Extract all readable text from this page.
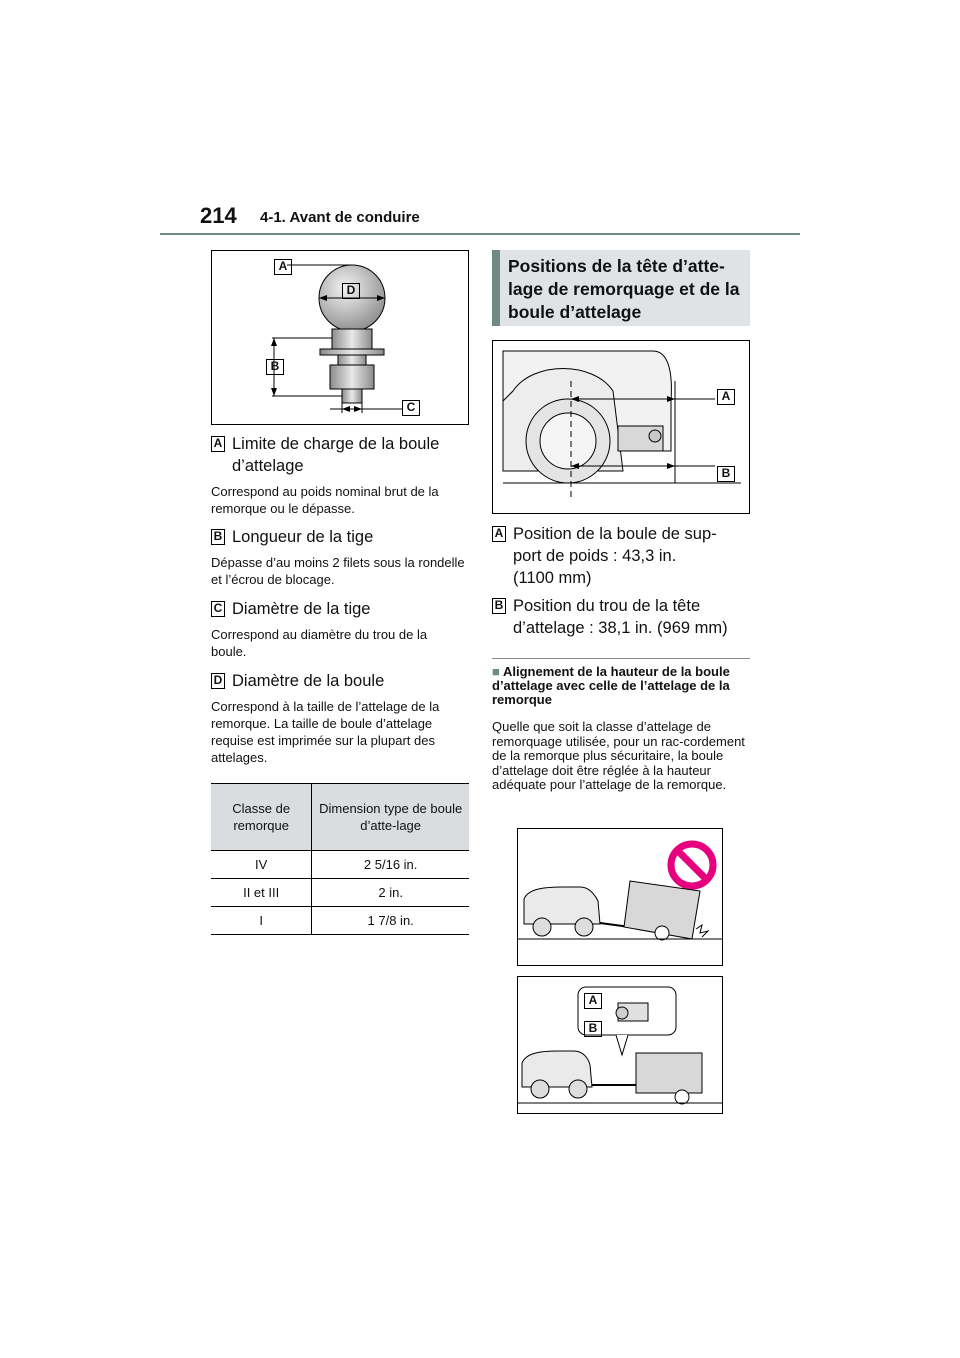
214 4-1. Avant de conduire
A
D
B
C
A Limite de charge de la boule d’attelage
Correspond au poids nominal brut de la remorque ou le dépasse.
B Longueur de la tige
Dépasse d’au moins 2 filets sous la rondelle et l’écrou de blocage.
C Diamètre de la tige
Correspond au diamètre du trou de la boule.
D Diamètre de la boule
Correspond à la taille de l’attelage de la remorque. La taille de boule d’attelage requise est imprimée sur la plupart des attelages.
Classe de remorque	Dimension type de boule d’atte-lage
IV	2 5/16 in.
II et III	2 in.
I	1 7/8 in.
Positions de la tête d’atte-lage de remorquage et de la boule d’attelage
A
B
A Position de la boule de sup-
port de poids : 43,3 in.
(1100 mm)
B Position du trou de la tête
d’attelage : 38,1 in. (969 mm)
■ Alignement de la hauteur de la boule d’attelage avec celle de l’attelage de la remorque
Quelle que soit la classe d’attelage de remorquage utilisée, pour un rac-cordement de la remorque plus sécuritaire, la boule d’attelage doit être réglée à la hauteur adéquate pour l’attelage de la remorque.
A
B
